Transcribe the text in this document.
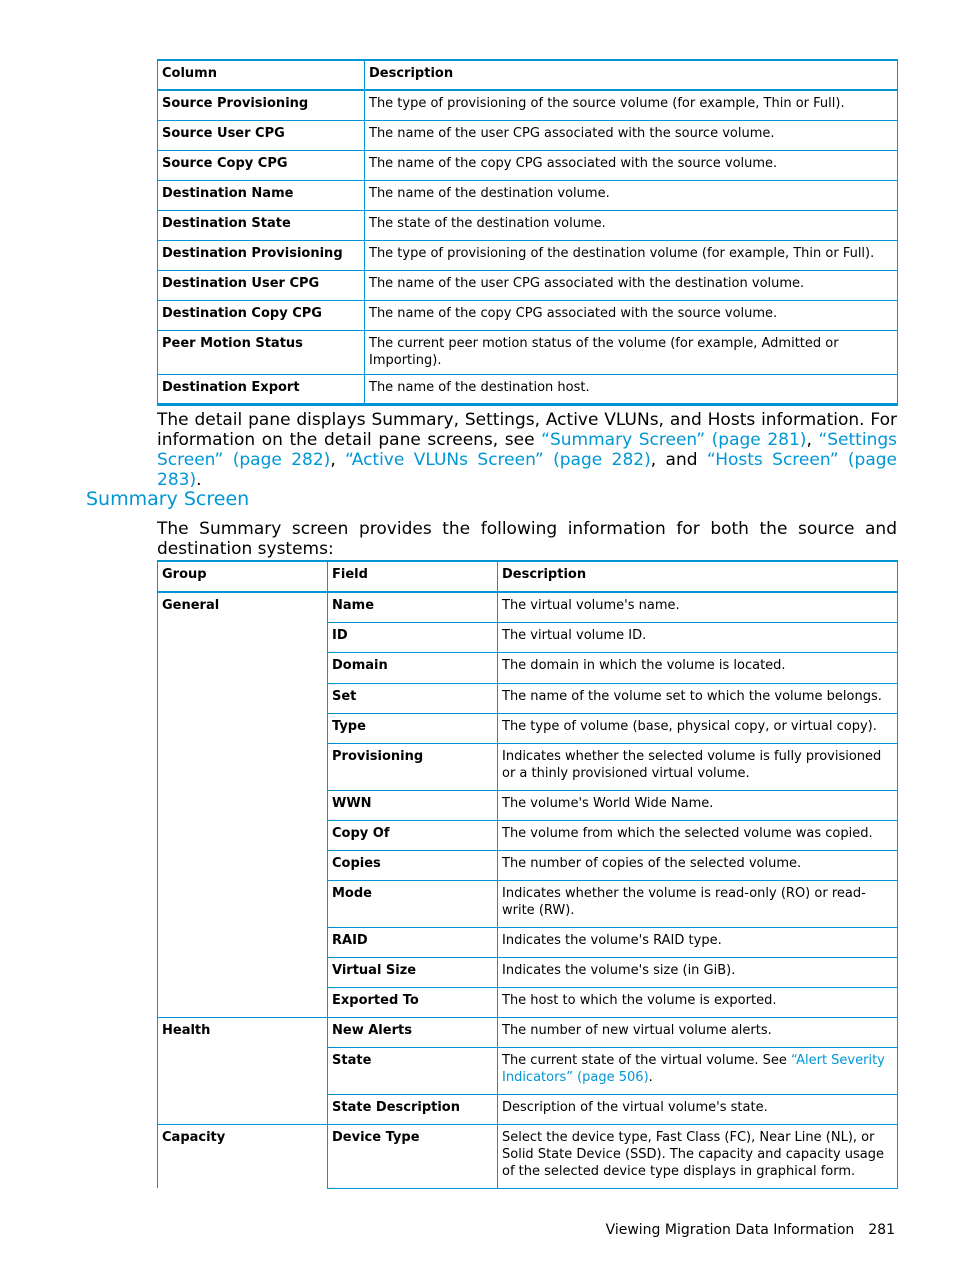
Column	Description
Source Provisioning	The type of provisioning of the source volume (for example, Thin or Full).
Source User CPG	The name of the user CPG associated with the source volume.
Source Copy CPG	The name of the copy CPG associated with the source volume.
Destination Name	The name of the destination volume.
Destination State	The state of the destination volume.
Destination Provisioning	The type of provisioning of the destination volume (for example, Thin or Full).
Destination User CPG	The name of the user CPG associated with the destination volume.
Destination Copy CPG	The name of the copy CPG associated with the source volume.
Peer Motion Status	The current peer motion status of the volume (for example, Admitted or Importing).
Destination Export	The name of the destination host.
The detail pane displays Summary, Settings, Active VLUNs, and Hosts information. For information on the detail pane screens, see “Summary Screen” (page 281), “Settings Screen” (page 282), “Active VLUNs Screen” (page 282), and “Hosts Screen” (page 283).
Summary Screen
The Summary screen provides the following information for both the source and destination systems:
Group	Field	Description
General	Name	The virtual volume's name.
	ID	The virtual volume ID.
	Domain	The domain in which the volume is located.
	Set	The name of the volume set to which the volume belongs.
	Type	The type of volume (base, physical copy, or virtual copy).
	Provisioning	Indicates whether the selected volume is fully provisioned or a thinly provisioned virtual volume.
	WWN	The volume's World Wide Name.
	Copy Of	The volume from which the selected volume was copied.
	Copies	The number of copies of the selected volume.
	Mode	Indicates whether the volume is read-only (RO) or read-write (RW).
	RAID	Indicates the volume's RAID type.
	Virtual Size	Indicates the volume's size (in GiB).
	Exported To	The host to which the volume is exported.
Health	New Alerts	The number of new virtual volume alerts.
	State	The current state of the virtual volume. See “Alert Severity Indicators” (page 506).
	State Description	Description of the virtual volume's state.
Capacity	Device Type	Select the device type, Fast Class (FC), Near Line (NL), or Solid State Device (SSD). The capacity and capacity usage of the selected device type displays in graphical form.
Viewing Migration Data Information 281
